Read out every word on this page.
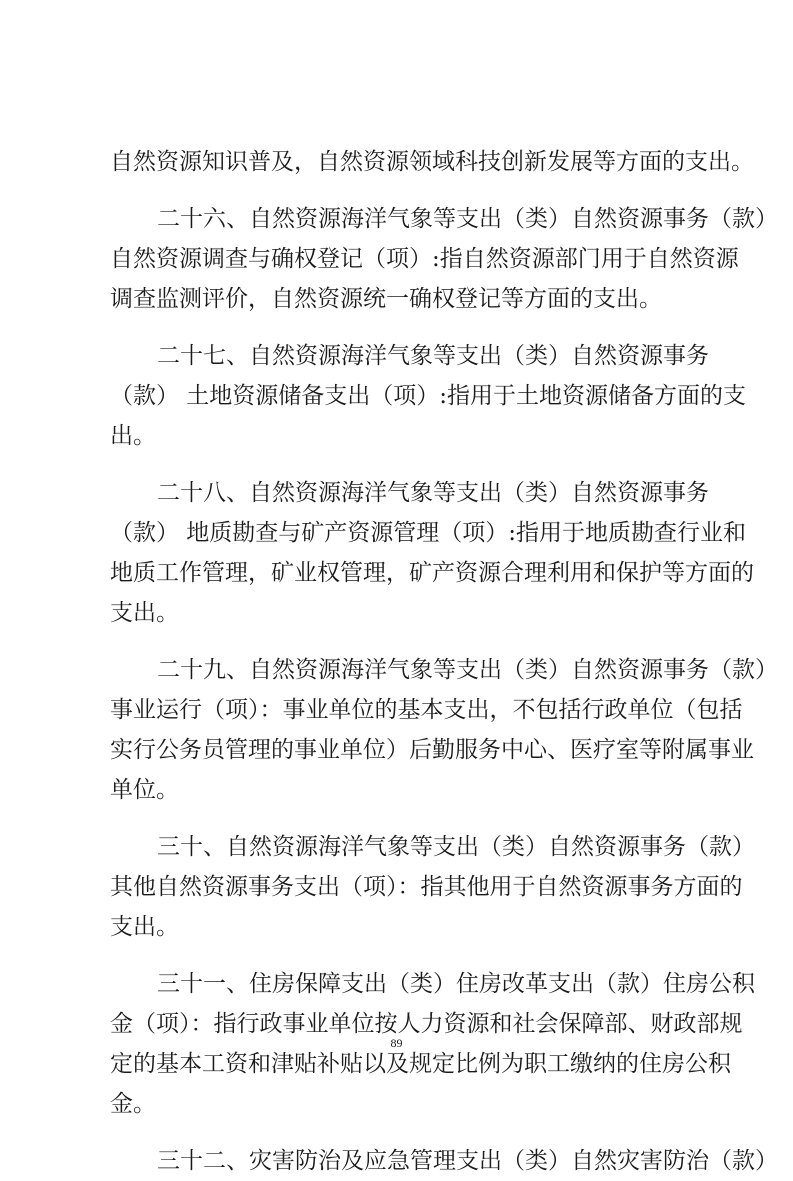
自然资源知识普及，自然资源领域科技创新发展等方面的支出。
二十六、自然资源海洋气象等支出（类）自然资源事务（款）
自然资源调查与确权登记（项）:指自然资源部门用于自然资源
调查监测评价，自然资源统一确权登记等方面的支出。
二十七、自然资源海洋气象等支出（类）自然资源事务
（款） 土地资源储备支出（项）:指用于土地资源储备方面的支
出。
二十八、自然资源海洋气象等支出（类）自然资源事务
（款） 地质勘查与矿产资源管理（项）:指用于地质勘查行业和
地质工作管理，矿业权管理，矿产资源合理利用和保护等方面的
支出。
二十九、自然资源海洋气象等支出（类）自然资源事务（款）
事业运行（项）：事业单位的基本支出，不包括行政单位（包括
实行公务员管理的事业单位）后勤服务中心、医疗室等附属事业
单位。
三十、自然资源海洋气象等支出（类）自然资源事务（款）
其他自然资源事务支出（项）：指其他用于自然资源事务方面的
支出。
三十一、住房保障支出（类）住房改革支出（款）住房公积
金（项）：指行政事业单位按人力资源和社会保障部、财政部规
定的基本工资和津贴补贴以及规定比例为职工缴纳的住房公积
金。
三十二、灾害防治及应急管理支出（类）自然灾害防治（款）
89
